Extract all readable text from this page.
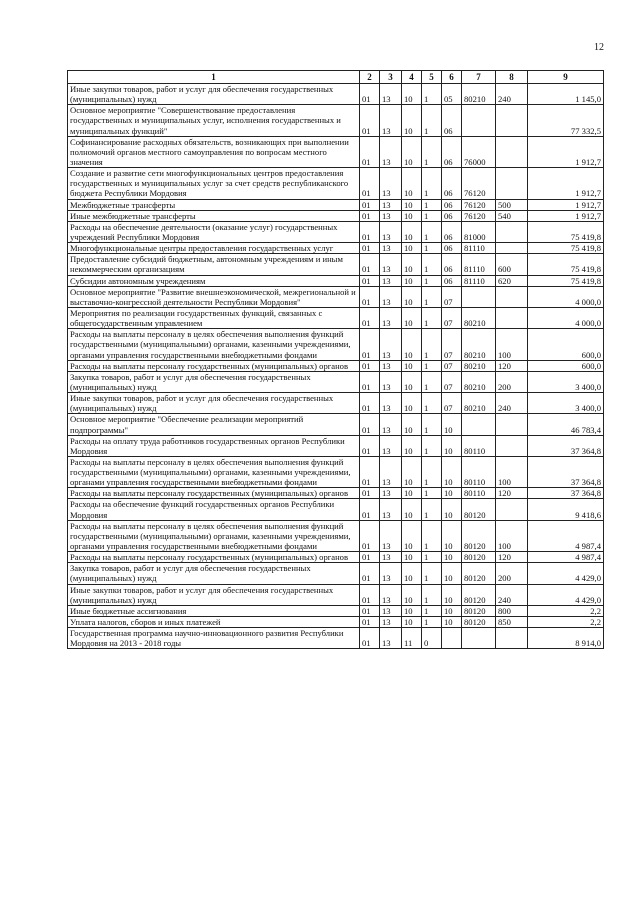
12
1	2	3	4	5	6	7	8	9
Иные закупки товаров, работ и услуг для обеспечения государственных (муниципальных) нужд	01	13	10	1	05	80210	240	1 145,0
Основное мероприятие "Совершенствование предоставления государственных и муниципальных услуг, исполнения государственных и муниципальных функций"	01	13	10	1	06			77 332,5
Софинансирование расходных обязательств, возникающих при выполнении полномочий органов местного самоуправления по вопросам местного значения	01	13	10	1	06	76000		1 912,7
Создание и развитие сети многофункциональных центров предоставления государственных и муниципальных услуг за счет средств республиканского бюджета Республики Мордовия	01	13	10	1	06	76120		1 912,7
Межбюджетные трансферты	01	13	10	1	06	76120	500	1 912,7
Иные межбюджетные трансферты	01	13	10	1	06	76120	540	1 912,7
Расходы на обеспечение деятельности (оказание услуг) государственных учреждений Республики Мордовия	01	13	10	1	06	81000		75 419,8
Многофункциональные центры предоставления государственных услуг	01	13	10	1	06	81110		75 419,8
Предоставление субсидий бюджетным, автономным учреждениям и иным некоммерческим организациям	01	13	10	1	06	81110	600	75 419,8
Субсидии автономным учреждениям	01	13	10	1	06	81110	620	75 419,8
Основное мероприятие "Развитие внешнеэкономической, межрегиональной и выставочно-конгрессной деятельности Республики Мордовия"	01	13	10	1	07			4 000,0
Мероприятия по реализации государственных функций, связанных с общегосударственным управлением	01	13	10	1	07	80210		4 000,0
Расходы на выплаты персоналу в целях обеспечения выполнения функций государственными (муниципальными) органами, казенными учреждениями, органами управления государственными внебюджетными фондами	01	13	10	1	07	80210	100	600,0
Расходы на выплаты персоналу государственных (муниципальных) органов	01	13	10	1	07	80210	120	600,0
Закупка товаров, работ и услуг для обеспечения государственных (муниципальных) нужд	01	13	10	1	07	80210	200	3 400,0
Иные закупки товаров, работ и услуг для обеспечения государственных (муниципальных) нужд	01	13	10	1	07	80210	240	3 400,0
Основное мероприятие "Обеспечение реализации мероприятий подпрограммы"	01	13	10	1	10			46 783,4
Расходы на оплату труда работников государственных органов Республики Мордовия	01	13	10	1	10	80110		37 364,8
Расходы на выплаты персоналу в целях обеспечения выполнения функций государственными (муниципальными) органами, казенными учреждениями, органами управления государственными внебюджетными фондами	01	13	10	1	10	80110	100	37 364,8
Расходы на выплаты персоналу государственных (муниципальных) органов	01	13	10	1	10	80110	120	37 364,8
Расходы на обеспечение функций государственных органов Республики Мордовия	01	13	10	1	10	80120		9 418,6
Расходы на выплаты персоналу в целях обеспечения выполнения функций государственными (муниципальными) органами, казенными учреждениями, органами управления государственными внебюджетными фондами	01	13	10	1	10	80120	100	4 987,4
Расходы на выплаты персоналу государственных (муниципальных) органов	01	13	10	1	10	80120	120	4 987,4
Закупка товаров, работ и услуг для обеспечения государственных (муниципальных) нужд	01	13	10	1	10	80120	200	4 429,0
Иные закупки товаров, работ и услуг для обеспечения государственных (муниципальных) нужд	01	13	10	1	10	80120	240	4 429,0
Иные бюджетные ассигнования	01	13	10	1	10	80120	800	2,2
Уплата налогов, сборов и иных платежей	01	13	10	1	10	80120	850	2,2
Государственная программа научно-инновационного развития Республики Мордовия на 2013 - 2018 годы	01	13	11	0				8 914,0
